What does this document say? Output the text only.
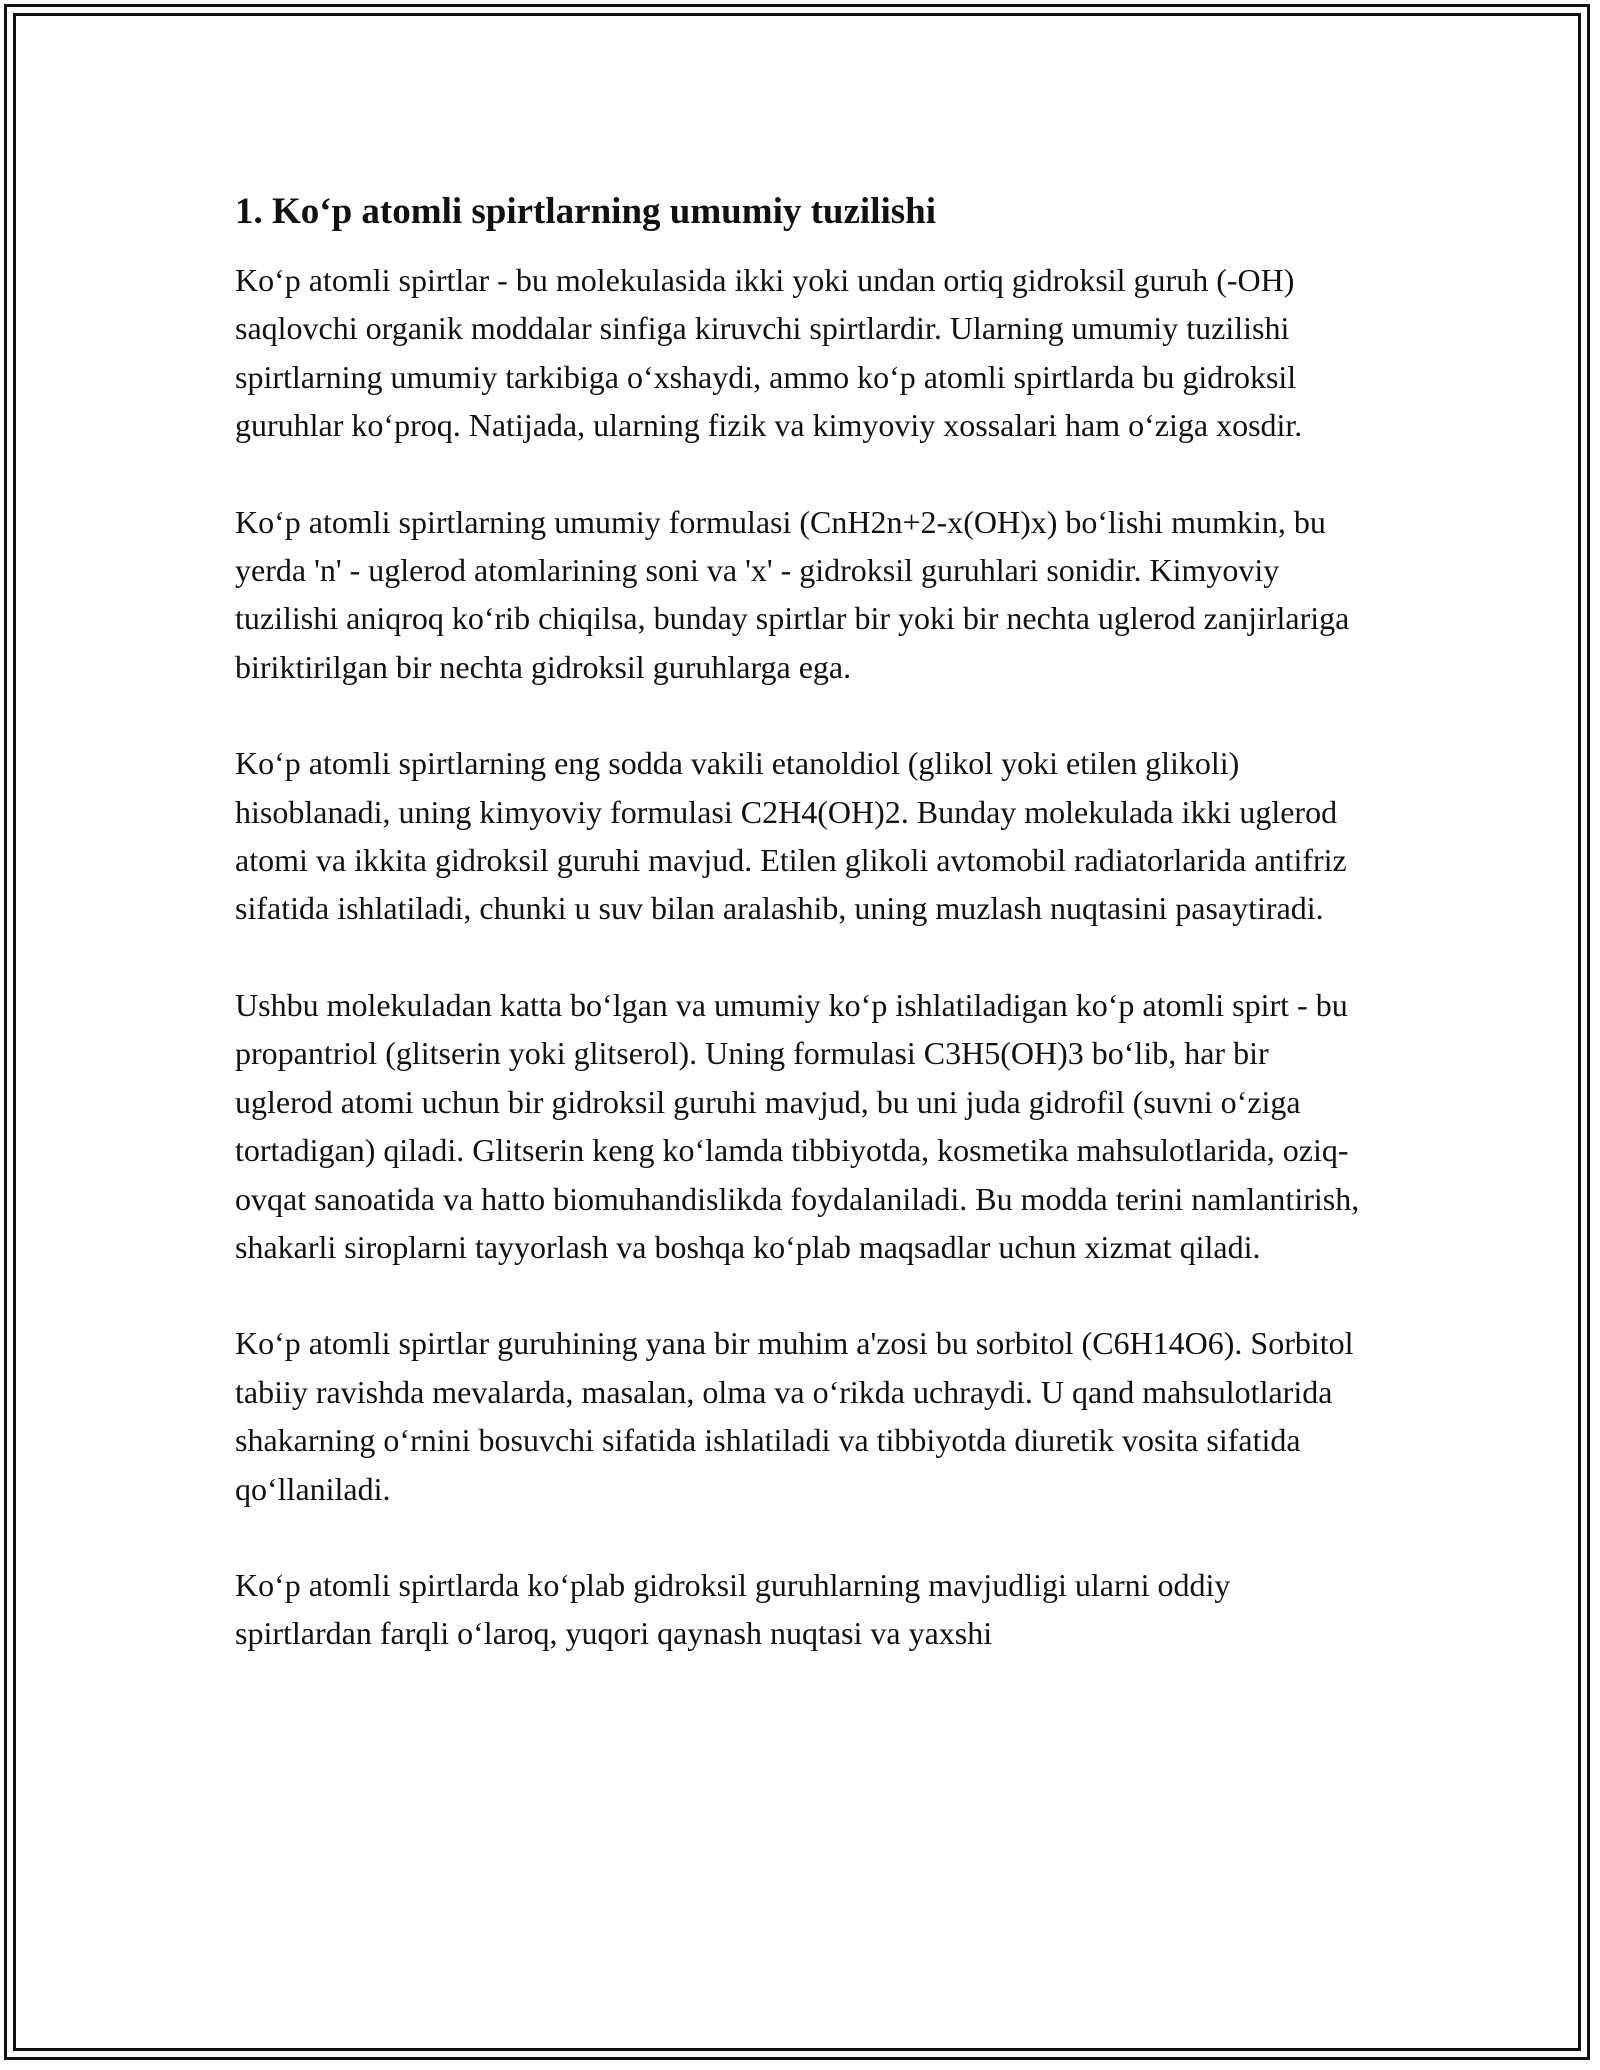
1. Ko‘p atomli spirtlarning umumiy tuzilishi

Ko‘p atomli spirtlar - bu molekulasida ikki yoki undan ortiq gidroksil guruh (-OH) saqlovchi organik moddalar sinfiga kiruvchi spirtlardir. Ularning umumiy tuzilishi spirtlarning umumiy tarkibiga o‘xshaydi, ammo ko‘p atomli spirtlarda bu gidroksil guruhlar ko‘proq. Natijada, ularning fizik va kimyoviy xossalari ham o‘ziga xosdir.

Ko‘p atomli spirtlarning umumiy formulasi (CnH2n+2-x(OH)x) bo‘lishi mumkin, bu yerda 'n' - uglerod atomlarining soni va 'x' - gidroksil guruhlari sonidir. Kimyoviy tuzilishi aniqroq ko‘rib chiqilsa, bunday spirtlar bir yoki bir nechta uglerod zanjirlariga biriktirilgan bir nechta gidroksil guruhlarga ega.

Ko‘p atomli spirtlarning eng sodda vakili etanoldiol (glikol yoki etilen glikoli) hisoblanadi, uning kimyoviy formulasi C2H4(OH)2. Bunday molekulada ikki uglerod atomi va ikkita gidroksil guruhi mavjud. Etilen glikoli avtomobil radiatorlarida antifriz sifatida ishlatiladi, chunki u suv bilan aralashib, uning muzlash nuqtasini pasaytiradi.

Ushbu molekuladan katta bo‘lgan va umumiy ko‘p ishlatiladigan ko‘p atomli spirt - bu propantriol (glitserin yoki glitserol). Uning formulasi C3H5(OH)3 bo‘lib, har bir uglerod atomi uchun bir gidroksil guruhi mavjud, bu uni juda gidrofil (suvni o‘ziga tortadigan) qiladi. Glitserin keng ko‘lamda tibbiyotda, kosmetika mahsulotlarida, oziq-ovqat sanoatida va hatto biomuhandislikda foydalaniladi. Bu modda terini namlantirish, shakarli siroplarni tayyorlash va boshqa ko‘plab maqsadlar uchun xizmat qiladi.

Ko‘p atomli spirtlar guruhining yana bir muhim a'zosi bu sorbitol (C6H14O6). Sorbitol tabiiy ravishda mevalarda, masalan, olma va o‘rikda uchraydi. U qand mahsulotlarida shakarning o‘rnini bosuvchi sifatida ishlatiladi va tibbiyotda diuretik vosita sifatida qo‘llaniladi.

Ko‘p atomli spirtlarda ko‘plab gidroksil guruhlarning mavjudligi ularni oddiy spirtlardan farqli o‘laroq, yuqori qaynash nuqtasi va yaxshi
